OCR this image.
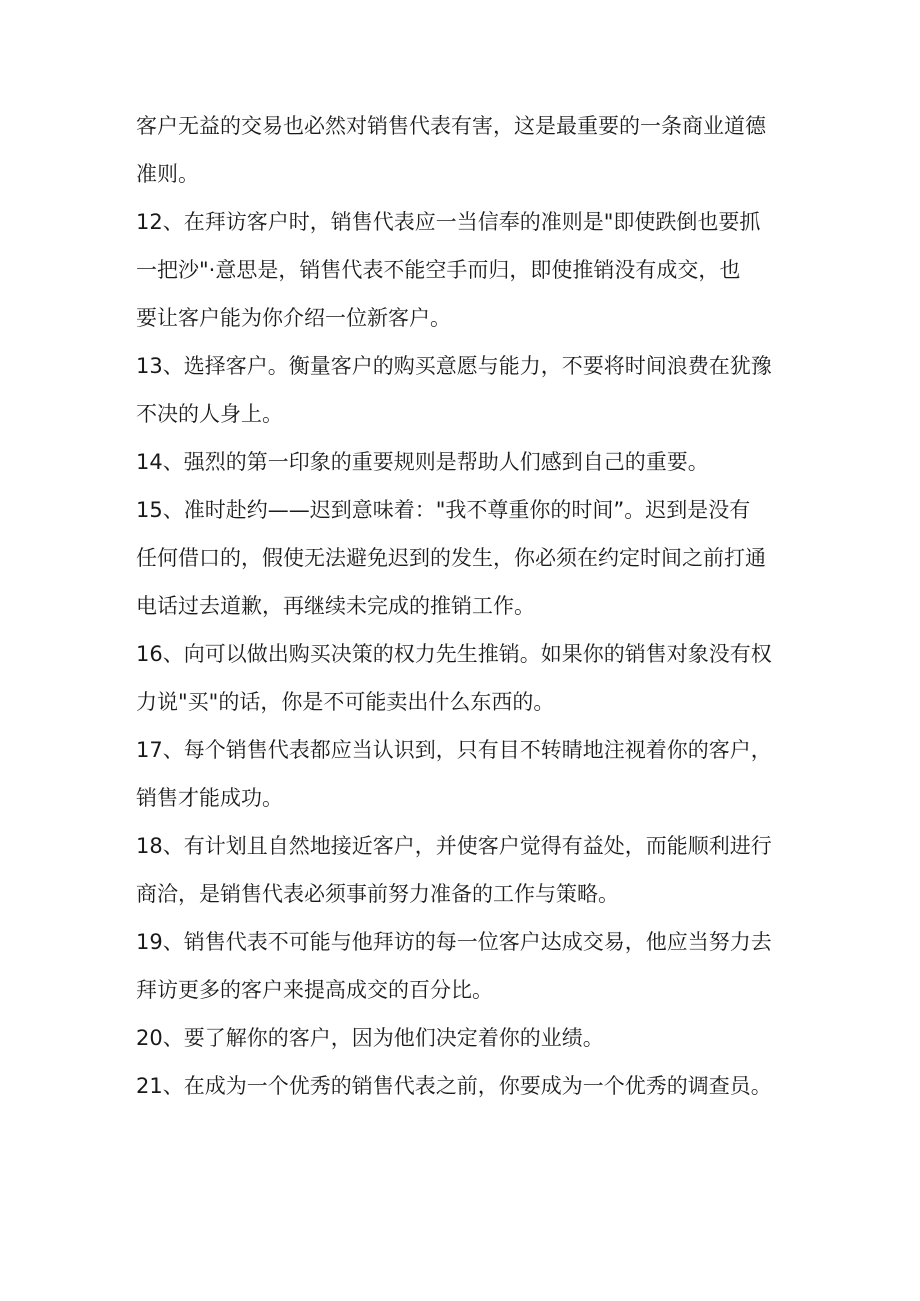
客户无益的交易也必然对销售代表有害，这是最重要的一条商业道德
准则。

12、在拜访客户时，销售代表应一当信奉的准则是"即使跌倒也要抓
一把沙"·意思是，销售代表不能空手而归，即使推销没有成交，也
要让客户能为你介绍一位新客户。
13、选择客户。衡量客户的购买意愿与能力，不要将时间浪费在犹豫
不决的人身上。
14、强烈的第一印象的重要规则是帮助人们感到自己的重要。
15、准时赴约——迟到意味着："我不尊重你的时间”。迟到是没有
任何借口的，假使无法避免迟到的发生，你必须在约定时间之前打通
电话过去道歉，再继续未完成的推销工作。
16、向可以做出购买决策的权力先生推销。如果你的销售对象没有权
力说"买"的话，你是不可能卖出什么东西的。
17、每个销售代表都应当认识到，只有目不转睛地注视着你的客户，
销售才能成功。
18、有计划且自然地接近客户，并使客户觉得有益处，而能顺利进行
商洽，是销售代表必须事前努力准备的工作与策略。
19、销售代表不可能与他拜访的每一位客户达成交易，他应当努力去
拜访更多的客户来提高成交的百分比。
20、要了解你的客户，因为他们决定着你的业绩。
21、在成为一个优秀的销售代表之前，你要成为一个优秀的调查员。
